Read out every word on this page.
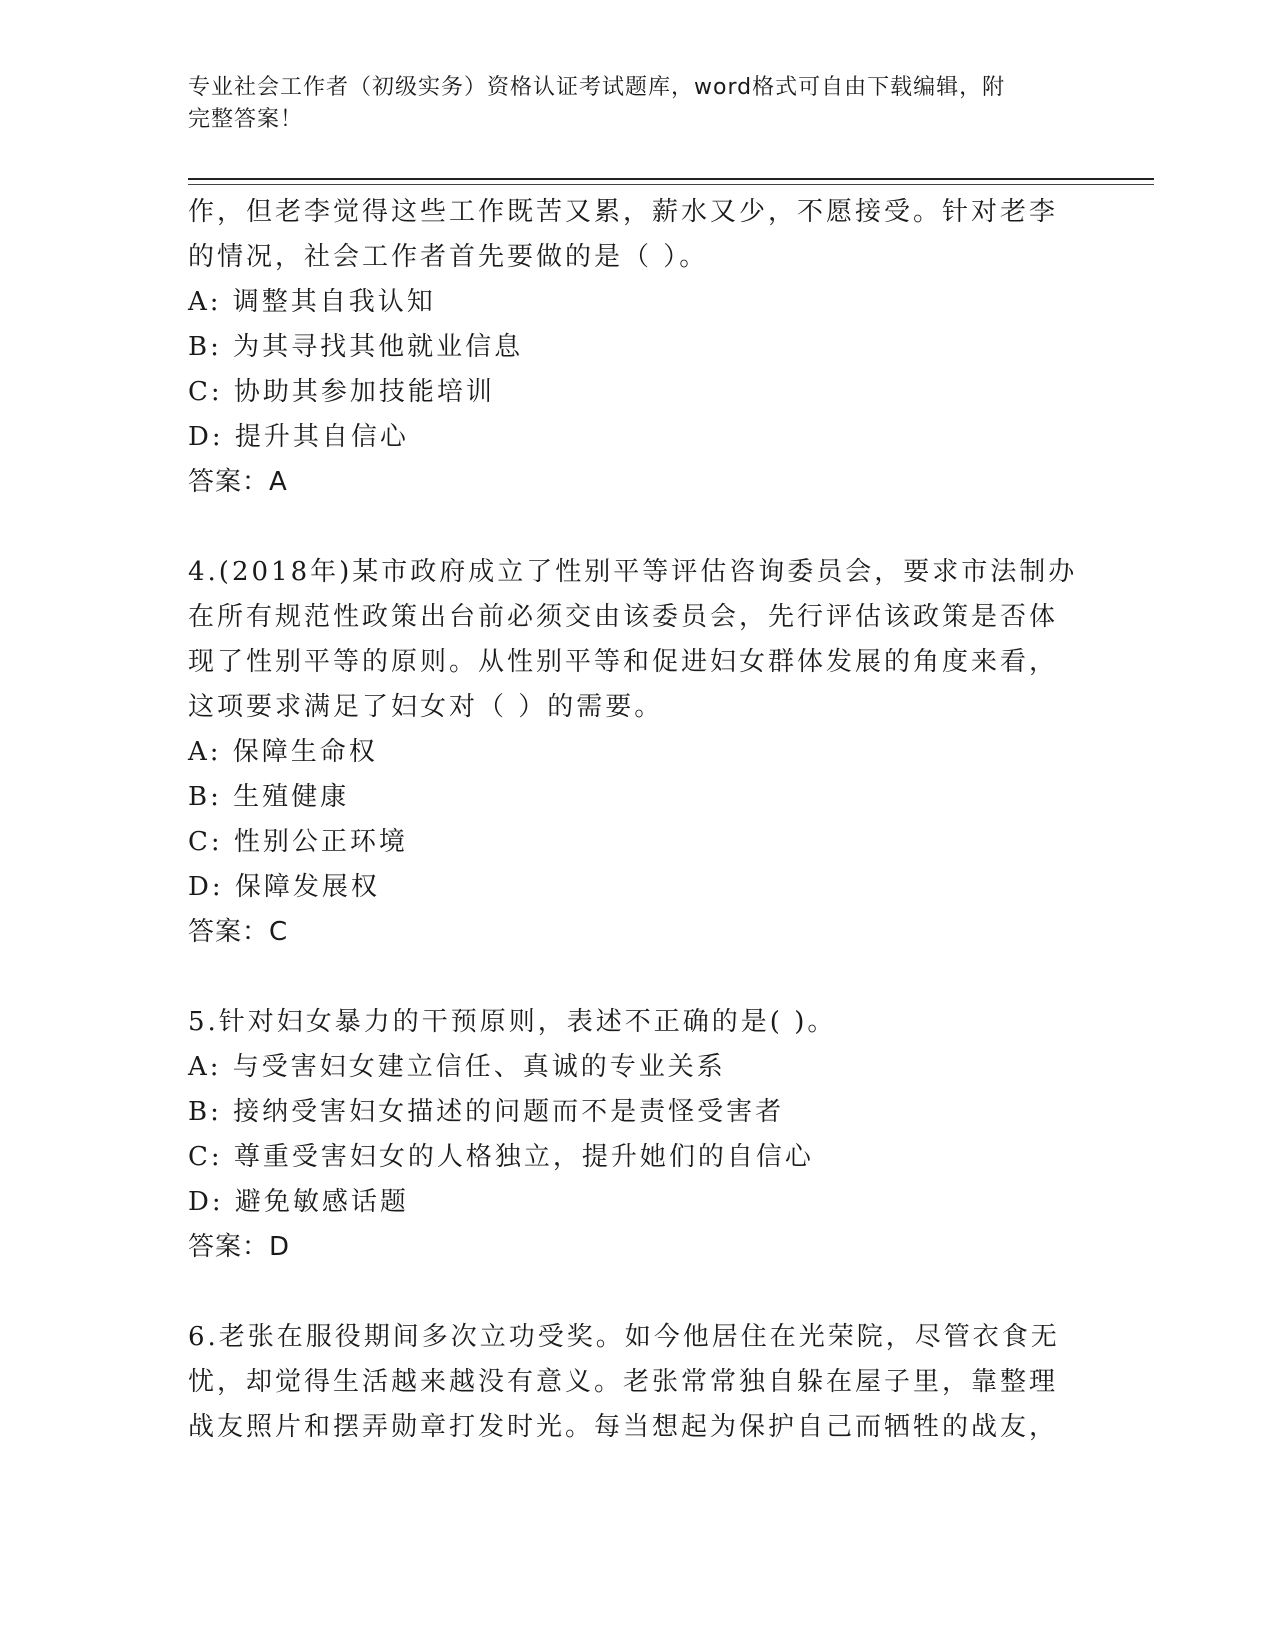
专业社会工作者（初级实务）资格认证考试题库，word格式可自由下载编辑，附
完整答案！
作，但老李觉得这些工作既苦又累，薪水又少，不愿接受。针对老李
的情况，社会工作者首先要做的是（ ）。
A: 调整其自我认知
B: 为其寻找其他就业信息
C: 协助其参加技能培训
D: 提升其自信心
答案：A
4.(2018年)某市政府成立了性别平等评估咨询委员会，要求市法制办
在所有规范性政策出台前必须交由该委员会，先行评估该政策是否体
现了性别平等的原则。从性别平等和促进妇女群体发展的角度来看，
这项要求满足了妇女对（ ）的需要。
A: 保障生命权
B: 生殖健康
C: 性别公正环境
D: 保障发展权
答案：C
5.针对妇女暴力的干预原则，表述不正确的是( )。
A: 与受害妇女建立信任、真诚的专业关系
B: 接纳受害妇女描述的问题而不是责怪受害者
C: 尊重受害妇女的人格独立，提升她们的自信心
D: 避免敏感话题
答案：D
6.老张在服役期间多次立功受奖。如今他居住在光荣院，尽管衣食无
忧，却觉得生活越来越没有意义。老张常常独自躲在屋子里，靠整理
战友照片和摆弄勋章打发时光。每当想起为保护自己而牺牲的战友，
